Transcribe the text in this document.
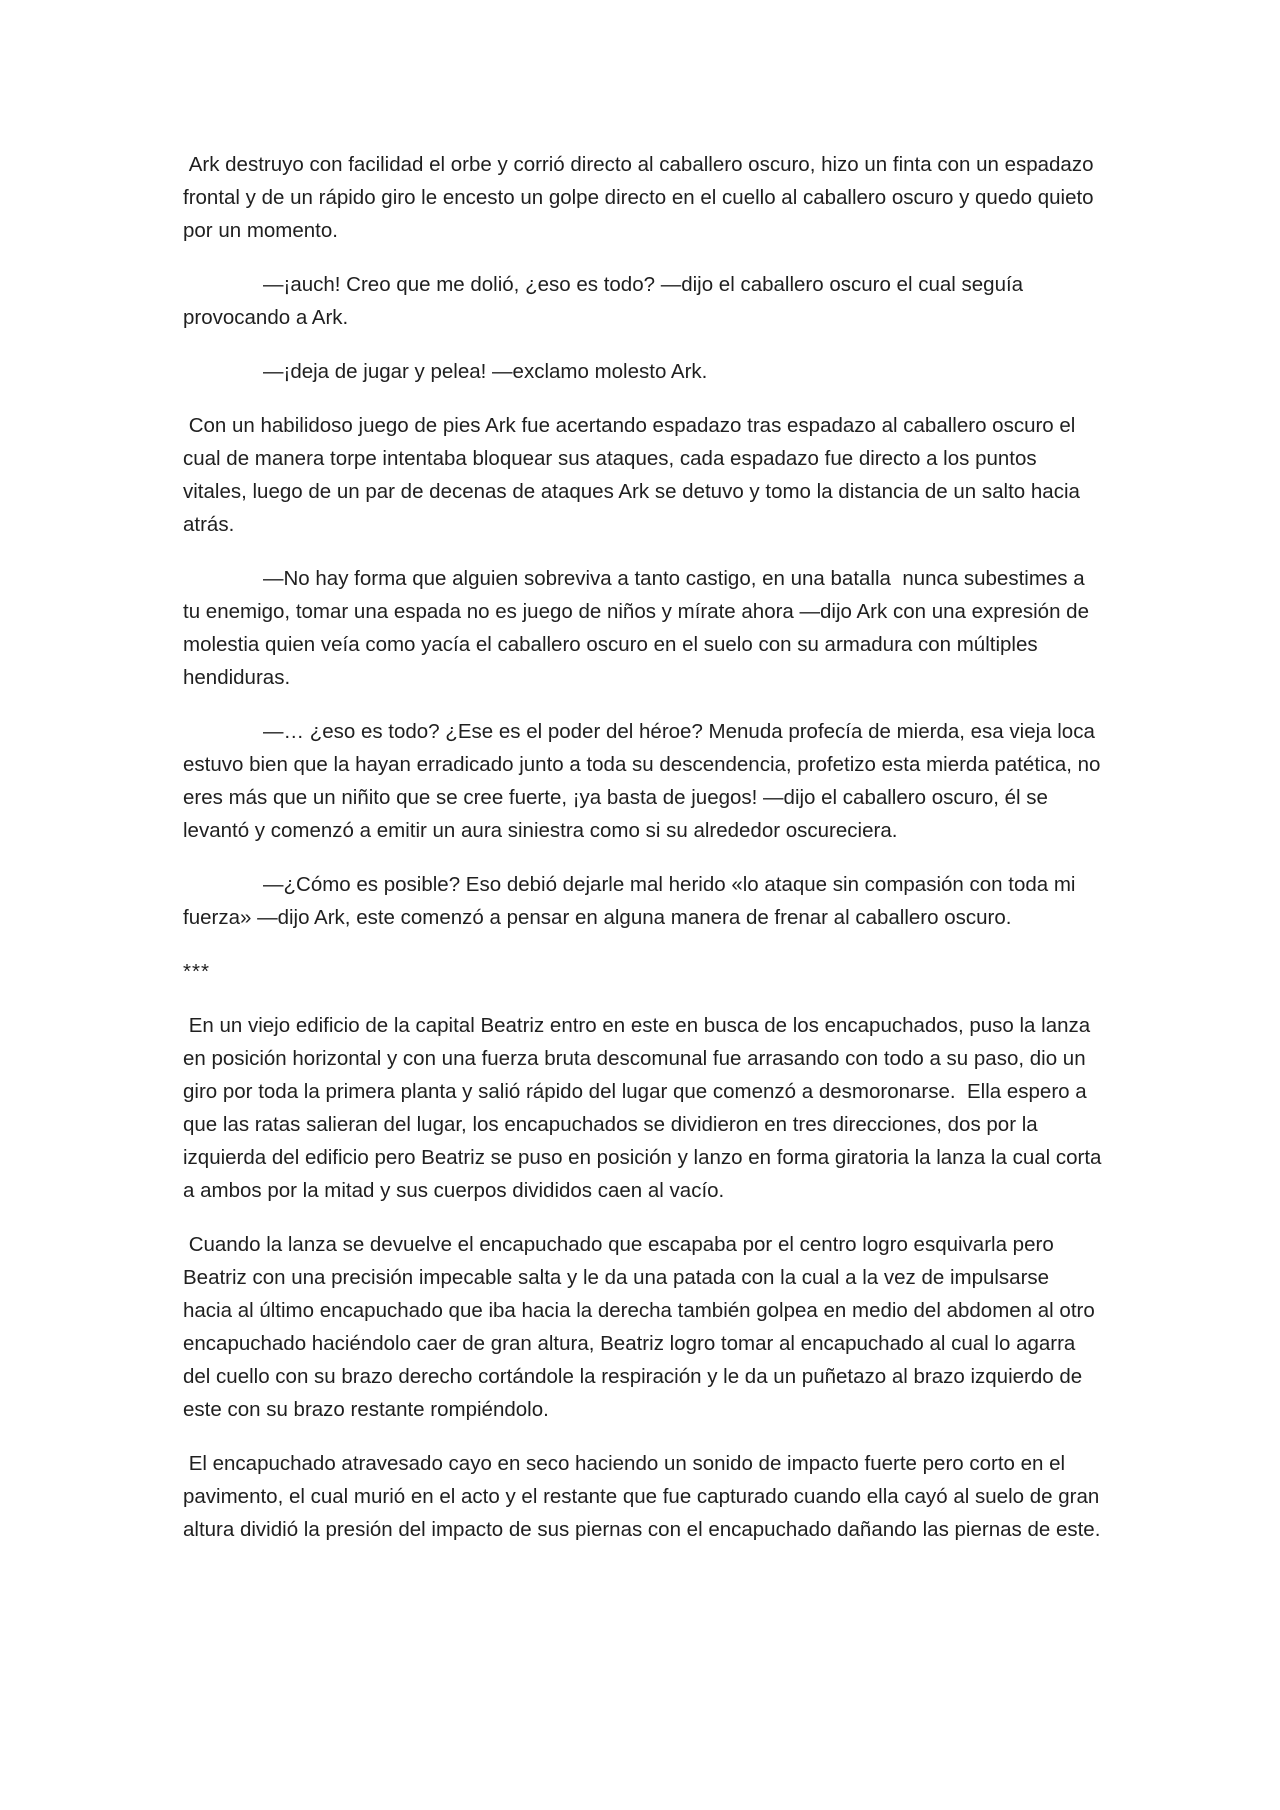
Ark destruyo con facilidad el orbe y corrió directo al caballero oscuro, hizo un finta con un espadazo frontal y de un rápido giro le encesto un golpe directo en el cuello al caballero oscuro y quedo quieto por un momento.

—¡auch! Creo que me dolió, ¿eso es todo? —dijo el caballero oscuro el cual seguía provocando a Ark.

—¡deja de jugar y pelea! —exclamo molesto Ark.

Con un habilidoso juego de pies Ark fue acertando espadazo tras espadazo al caballero oscuro el cual de manera torpe intentaba bloquear sus ataques, cada espadazo fue directo a los puntos vitales, luego de un par de decenas de ataques Ark se detuvo y tomo la distancia de un salto hacia atrás.

—No hay forma que alguien sobreviva a tanto castigo, en una batalla  nunca subestimes a tu enemigo, tomar una espada no es juego de niños y mírate ahora —dijo Ark con una expresión de molestia quien veía como yacía el caballero oscuro en el suelo con su armadura con múltiples hendiduras.

—… ¿eso es todo? ¿Ese es el poder del héroe? Menuda profecía de mierda, esa vieja loca estuvo bien que la hayan erradicado junto a toda su descendencia, profetizo esta mierda patética, no eres más que un niñito que se cree fuerte, ¡ya basta de juegos! —dijo el caballero oscuro, él se levantó y comenzó a emitir un aura siniestra como si su alrededor oscureciera.

—¿Cómo es posible? Eso debió dejarle mal herido «lo ataque sin compasión con toda mi fuerza» —dijo Ark, este comenzó a pensar en alguna manera de frenar al caballero oscuro.

***

En un viejo edificio de la capital Beatriz entro en este en busca de los encapuchados, puso la lanza en posición horizontal y con una fuerza bruta descomunal fue arrasando con todo a su paso, dio un giro por toda la primera planta y salió rápido del lugar que comenzó a desmoronarse.  Ella espero a que las ratas salieran del lugar, los encapuchados se dividieron en tres direcciones, dos por la izquierda del edificio pero Beatriz se puso en posición y lanzo en forma giratoria la lanza la cual corta a ambos por la mitad y sus cuerpos divididos caen al vacío.

Cuando la lanza se devuelve el encapuchado que escapaba por el centro logro esquivarla pero Beatriz con una precisión impecable salta y le da una patada con la cual a la vez de impulsarse hacia al último encapuchado que iba hacia la derecha también golpea en medio del abdomen al otro encapuchado haciéndolo caer de gran altura, Beatriz logro tomar al encapuchado al cual lo agarra del cuello con su brazo derecho cortándole la respiración y le da un puñetazo al brazo izquierdo de este con su brazo restante rompiéndolo.

El encapuchado atravesado cayo en seco haciendo un sonido de impacto fuerte pero corto en el pavimento, el cual murió en el acto y el restante que fue capturado cuando ella cayó al suelo de gran altura dividió la presión del impacto de sus piernas con el encapuchado dañando las piernas de este.
